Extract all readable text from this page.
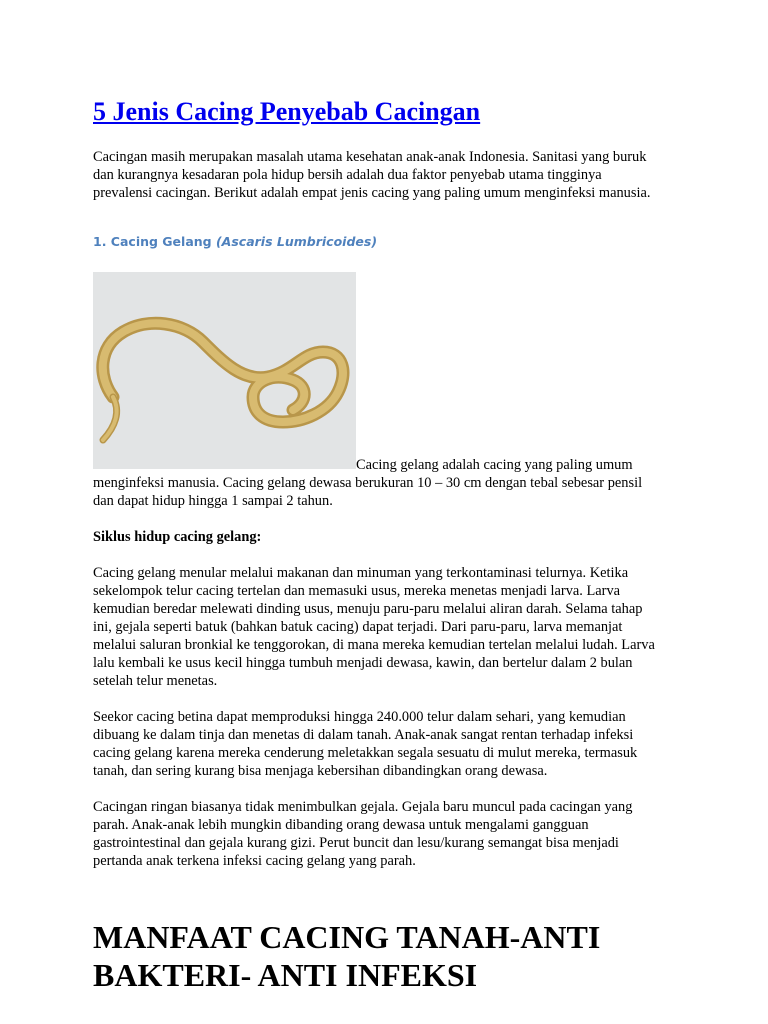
5 Jenis Cacing Penyebab Cacingan

Cacingan masih merupakan masalah utama kesehatan anak-anak Indonesia. Sanitasi yang buruk dan kurangnya kesadaran pola hidup bersih adalah dua faktor penyebab utama tingginya prevalensi cacingan. Berikut adalah empat jenis cacing yang paling umum menginfeksi manusia.

1. Cacing Gelang (Ascaris Lumbricoides)
Cacing gelang adalah cacing yang paling umum

menginfeksi manusia. Cacing gelang dewasa berukuran 10 – 30 cm dengan tebal sebesar pensil dan dapat hidup hingga 1 sampai 2 tahun.

Siklus hidup cacing gelang:

Cacing gelang menular melalui makanan dan minuman yang terkontaminasi telurnya. Ketika sekelompok telur cacing tertelan dan memasuki usus, mereka menetas menjadi larva. Larva kemudian beredar melewati dinding usus, menuju paru-paru melalui aliran darah. Selama tahap ini, gejala seperti batuk (bahkan batuk cacing) dapat terjadi. Dari paru-paru, larva memanjat melalui saluran bronkial ke tenggorokan, di mana mereka kemudian tertelan melalui ludah. Larva lalu kembali ke usus kecil hingga tumbuh menjadi dewasa, kawin, dan bertelur dalam 2 bulan setelah telur menetas.

Seekor cacing betina dapat memproduksi hingga 240.000 telur dalam sehari, yang kemudian dibuang ke dalam tinja dan menetas di dalam tanah. Anak-anak sangat rentan terhadap infeksi cacing gelang karena mereka cenderung meletakkan segala sesuatu di mulut mereka, termasuk tanah, dan sering kurang bisa menjaga kebersihan dibandingkan orang dewasa.

Cacingan ringan biasanya tidak menimbulkan gejala. Gejala baru muncul pada cacingan yang parah. Anak-anak lebih mungkin dibanding orang dewasa untuk mengalami gangguan gastrointestinal dan gejala kurang gizi. Perut buncit dan lesu/kurang semangat bisa menjadi pertanda anak terkena infeksi cacing gelang yang parah.

MANFAAT CACING TANAH-ANTI BAKTERI- ANTI INFEKSI
